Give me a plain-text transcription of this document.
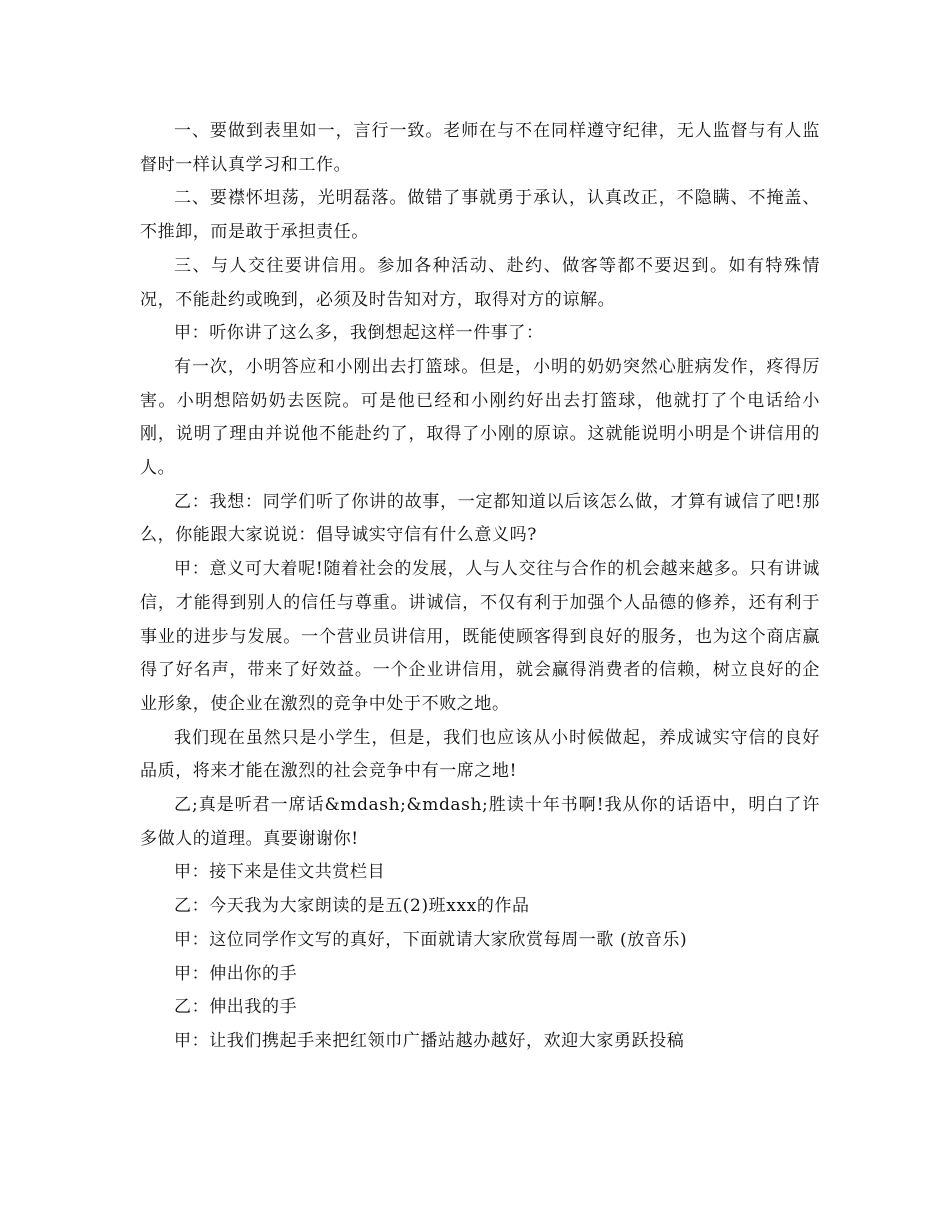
一、要做到表里如一，言行一致。老师在与不在同样遵守纪律，无人监督与有人监督时一样认真学习和工作。

二、要襟怀坦荡，光明磊落。做错了事就勇于承认，认真改正，不隐瞒、不掩盖、不推卸，而是敢于承担责任。

三、与人交往要讲信用。参加各种活动、赴约、做客等都不要迟到。如有特殊情况，不能赴约或晚到，必须及时告知对方，取得对方的谅解。

甲：听你讲了这么多，我倒想起这样一件事了：

有一次，小明答应和小刚出去打篮球。但是，小明的奶奶突然心脏病发作，疼得厉害。小明想陪奶奶去医院。可是他已经和小刚约好出去打篮球，他就打了个电话给小刚，说明了理由并说他不能赴约了，取得了小刚的原谅。这就能说明小明是个讲信用的人。

乙：我想：同学们听了你讲的故事，一定都知道以后该怎么做，才算有诚信了吧!那么，你能跟大家说说：倡导诚实守信有什么意义吗?

甲：意义可大着呢!随着社会的发展，人与人交往与合作的机会越来越多。只有讲诚信，才能得到别人的信任与尊重。讲诚信，不仅有利于加强个人品德的修养，还有利于事业的进步与发展。一个营业员讲信用，既能使顾客得到良好的服务，也为这个商店赢得了好名声，带来了好效益。一个企业讲信用，就会赢得消费者的信赖，树立良好的企业形象，使企业在激烈的竞争中处于不败之地。

我们现在虽然只是小学生，但是，我们也应该从小时候做起，养成诚实守信的良好品质，将来才能在激烈的社会竞争中有一席之地!

乙;真是听君一席话&mdash;&mdash;胜读十年书啊!我从你的话语中，明白了许多做人的道理。真要谢谢你!

甲：接下来是佳文共赏栏目

乙：今天我为大家朗读的是五(2)班xxx的作品

甲：这位同学作文写的真好，下面就请大家欣赏每周一歌 (放音乐)

甲：伸出你的手

乙：伸出我的手

甲：让我们携起手来把红领巾广播站越办越好，欢迎大家勇跃投稿
